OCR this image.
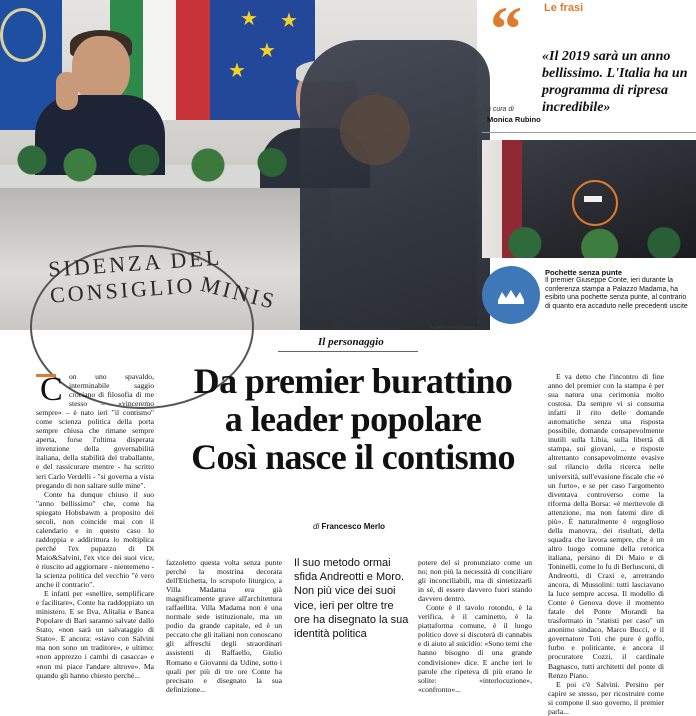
★ ★
★
★
SIDENZA DEL CONSIGLIO MINIS
FILIPPO ATTILI/ANSA
“ Le frasi
«Il 2019 sarà un anno bellissimo. L'Italia ha un programma di ripresa incredibile»
a cura di
Monica Rubino
Pochette senza punte
Il premier Giuseppe Conte, ieri durante la conferenza stampa a Palazzo Madama, ha esibito una pochette senza punte, al contrario di quanto era accaduto nelle precedenti uscite
Il personaggio
Da premier burattino
a leader popolare
Così nasce il contismo
di Francesco Merlo
C on uno spavaldo, interminabile saggio crociano di filosofia di me stesso – «vinceremo sempre» – è nato ieri "il contismo" come scienza politica della porta sempre chiusa che rimane sempre aperta, forse l'ultima disperata invenzione della governabilità italiana, della stabilità del traballante, e del rassicurare mentre - ha scritto ieri Carlo Verdelli - "si governa a vista pregando di non saltare sulle mine".

Conte ha dunque chiuso il suo "anno bellissimo" che, come ha spiegato Hobsbawm a proposito dei secoli, non coincide mai con il calendario e in questo caso lo raddoppia e addirittura lo moltiplica perché l'ex pupazzo di Di Maio&Salvini, l'ex vice dei suoi vice, è riuscito ad aggiornare - nientemeno - la scienza politica del vecchio "è vero anche il contrario".

E infatti per «snellire, semplificare e facilitare», Conte ha raddoppiato un ministero. E se Ilva, Alitalia e Banca Popolare di Bari saranno salvate dallo Stato, «non sarà un salvataggio di Stato». E ancora: «stavo con Salvini ma non sono un traditore», e ultimo: «non apprezzo i cambi di casacca» e «non mi piace l'andare altrove». Ma quando gli hanno chiesto perché...

fazzoletto questa volta senza punte perché la mostrina decorata dell'Etichetta, lo scrupolo liturgico, a Villa Madama era già magnificamente grave all'architettura raffaellita. Villa Madama non è una normale sede istituzionale, ma un podio da grande capitale, ed è un peccato che gli italiani non conoscano gli affreschi degli straordinari assistenti di Raffaello, Giulio Romano e Giovanni da Udine, sotto i quali per più di tre ore Conte ha precisato e disegnato la sua definizione...

Il suo metodo ormai sfida Andreotti e Moro. Non più vice dei suoi vice, ieri per oltre tre ore ha disegnato la sua identità politica

potere del sì pronunziato come un no; non più la necessità di conciliare gli inconciliabili, ma di sintetizzarli in sé, di essere davvero fuori stando davvero dentro.

Conte è il tavolo rotondo, è la verifica, è il caminetto, è la piattaforma comune, è il luogo politico dove si discuterà di cannabis e di aiuto al suicidio: «Sono temi che hanno bisogno di una grande condivisione» dice. E anche ieri le parole che ripeteva di più erano le solite: «interlocuzione», «confronto»...

E va detto che l'incontro di fine anno del premier con la stampa è per sua natura una cerimonia molto costosa. Da sempre vi si consuma infatti il rito delle domande automatiche senza una risposta possibile, domande consapevolmente inutili sulla Libia, sulla libertà di stampa, sui giovani, ... e risposte altrettanto consapevolmente evasive sul rilancio della ricerca nelle università, sull'evasione fiscale che «è un furto», e se per caso l'argomento diventava controverso come la riforma della Borsa: «è meritevole di attenzione, ma non fatemi dire di più». È naturalmente è orgoglioso della manovra, dei risultati, della squadra che lavora sempre, che è un altro luogo comune della retorica italiana, persino di Di Maio e di Toninelli, come lo fu di Berlusconi, di Andreotti, di Craxi e, arretrando ancora, di Mussolini: tutti lasciavano la luce sempre accesa. Il modello di Conte è Genova dove il momento fatale del Ponte Morandi ha trasformato in "statisti per caso" un anonimo sindaco, Marco Bucci, e il governatore Toti che pure è goffo, furbo e politicante, e ancora il procuratore Cozzi, il cardinale Bagnasco, tutti architetti del ponte di Renzo Piano.

E poi c'è Salvini. Persino per capire se stesso, per ricostruire come si compone il suo governo, il premier parla...
